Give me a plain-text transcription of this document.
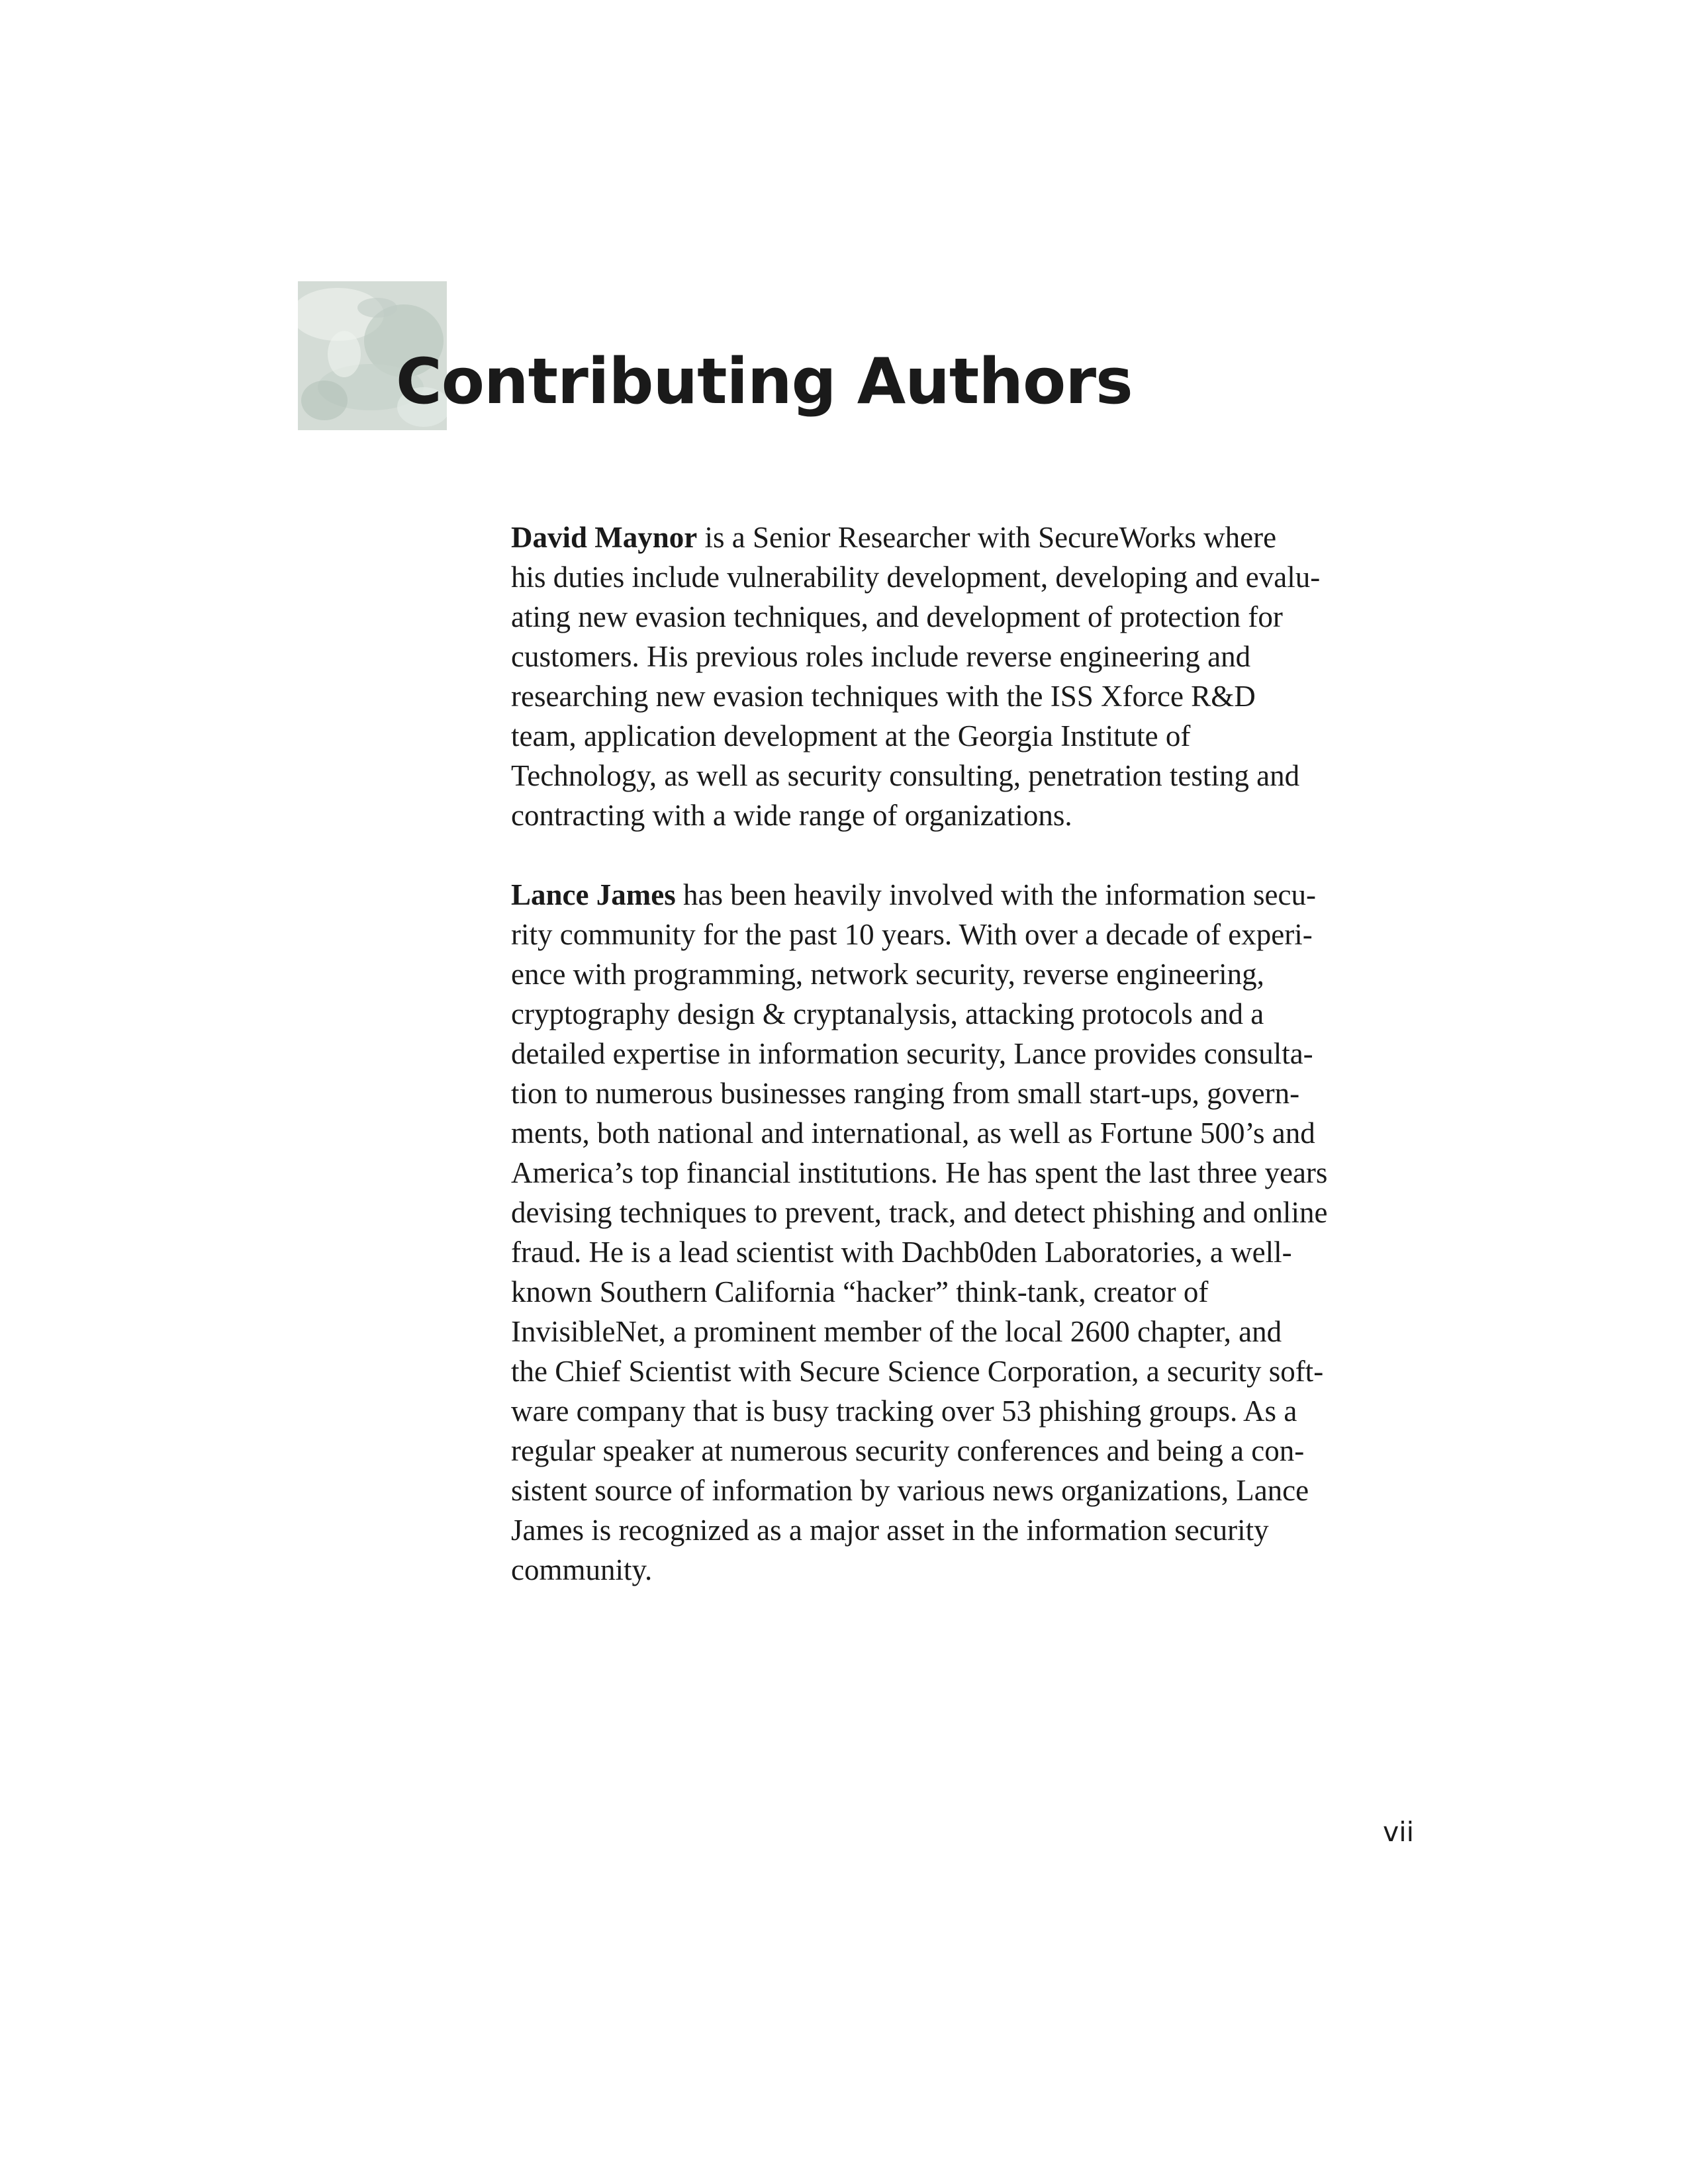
Contributing Authors

David Maynor is a Senior Researcher with SecureWorks where
his duties include vulnerability development, developing and evalu-
ating new evasion techniques, and development of protection for
customers. His previous roles include reverse engineering and
researching new evasion techniques with the ISS Xforce R&D
team, application development at the Georgia Institute of
Technology, as well as security consulting, penetration testing and
contracting with a wide range of organizations.

Lance James has been heavily involved with the information secu-
rity community for the past 10 years. With over a decade of experi-
ence with programming, network security, reverse engineering,
cryptography design & cryptanalysis, attacking protocols and a
detailed expertise in information security, Lance provides consulta-
tion to numerous businesses ranging from small start-ups, govern-
ments, both national and international, as well as Fortune 500’s and
America’s top financial institutions. He has spent the last three years
devising techniques to prevent, track, and detect phishing and online
fraud. He is a lead scientist with Dachb0den Laboratories, a well-
known Southern California “hacker” think-tank, creator of
InvisibleNet, a prominent member of the local 2600 chapter, and
the Chief Scientist with Secure Science Corporation, a security soft-
ware company that is busy tracking over 53 phishing groups. As a
regular speaker at numerous security conferences and being a con-
sistent source of information by various news organizations, Lance
James is recognized as a major asset in the information security
community.

vii
